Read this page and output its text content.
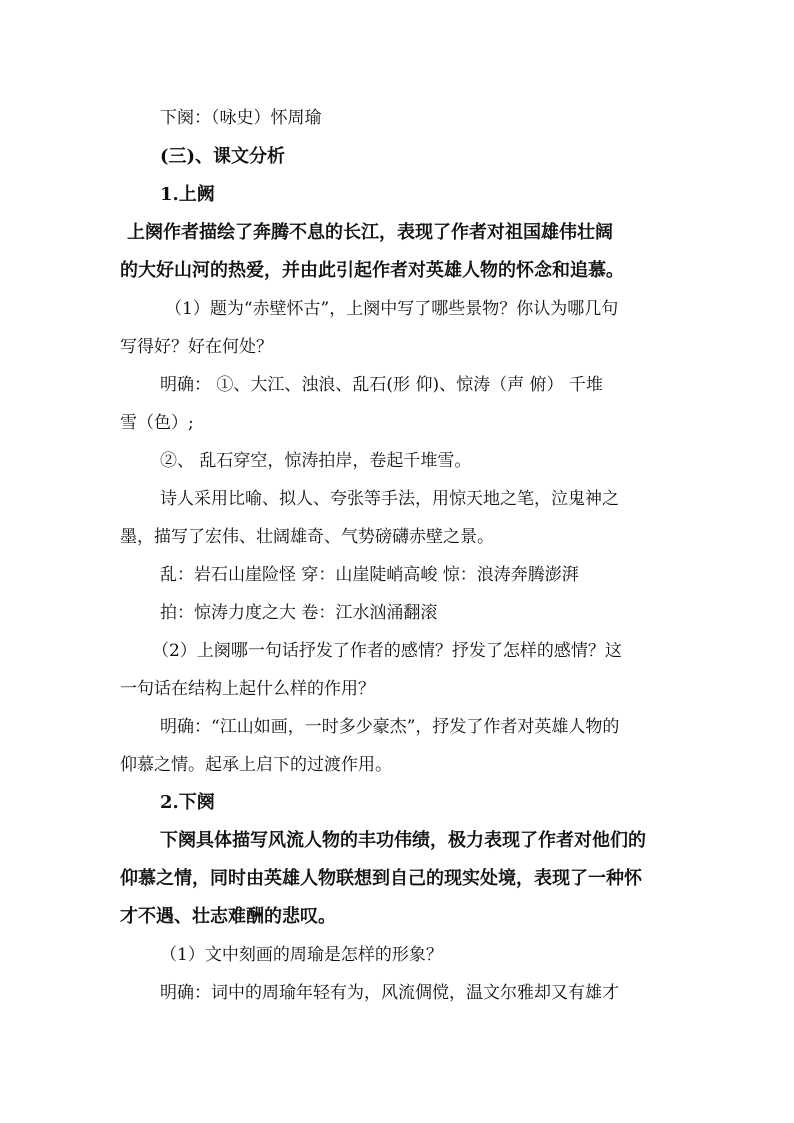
下阕：（咏史）怀周瑜
(三)、课文分析
1.上阙
上阕作者描绘了奔腾不息的长江，表现了作者对祖国雄伟壮阔
的大好山河的热爱，并由此引起作者对英雄人物的怀念和追慕。
（1）题为“赤壁怀古”，上阕中写了哪些景物？你认为哪几句
写得好？好在何处？
明确： ①、大江、浊浪、乱石(形 仰)、惊涛（声 俯） 千堆
雪（色）;
②、 乱石穿空，惊涛拍岸，卷起千堆雪。
诗人采用比喻、拟人、夸张等手法，用惊天地之笔，泣鬼神之
墨，描写了宏伟、壮阔雄奇、气势磅礴赤壁之景。
乱：岩石山崖险怪 穿：山崖陡峭高峻 惊：浪涛奔腾澎湃
拍：惊涛力度之大 卷：江水汹涌翻滚
（2）上阕哪一句话抒发了作者的感情？抒发了怎样的感情？这
一句话在结构上起什么样的作用？
明确：“江山如画，一时多少豪杰”，抒发了作者对英雄人物的
仰慕之情。起承上启下的过渡作用。
2.下阕
下阕具体描写风流人物的丰功伟绩，极力表现了作者对他们的
仰慕之情，同时由英雄人物联想到自己的现实处境，表现了一种怀
才不遇、壮志难酬的悲叹。
（1）文中刻画的周瑜是怎样的形象？
明确：词中的周瑜年轻有为，风流倜傥，温文尔雅却又有雄才
